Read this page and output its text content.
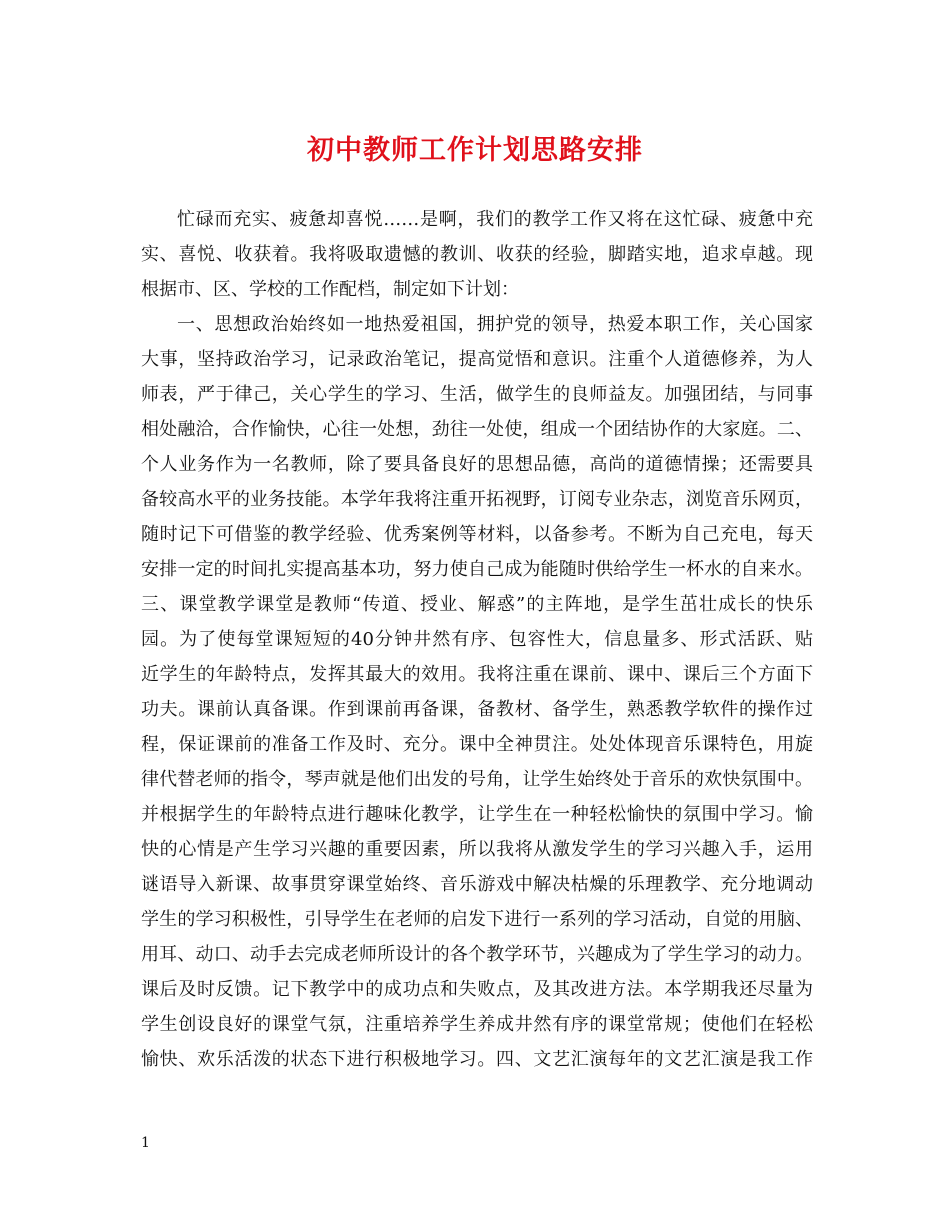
初中教师工作计划思路安排
忙碌而充实、疲惫却喜悦……是啊，我们的教学工作又将在这忙碌、疲惫中充
实、喜悦、收获着。我将吸取遗憾的教训、收获的经验，脚踏实地，追求卓越。现
根据市、区、学校的工作配档，制定如下计划：
一、思想政治始终如一地热爱祖国，拥护党的领导，热爱本职工作，关心国家
大事，坚持政治学习，记录政治笔记，提高觉悟和意识。注重个人道德修养，为人
师表，严于律己，关心学生的学习、生活，做学生的良师益友。加强团结，与同事
相处融洽，合作愉快，心往一处想，劲往一处使，组成一个团结协作的大家庭。二、
个人业务作为一名教师，除了要具备良好的思想品德，高尚的道德情操；还需要具
备较高水平的业务技能。本学年我将注重开拓视野，订阅专业杂志，浏览音乐网页，
随时记下可借鉴的教学经验、优秀案例等材料，以备参考。不断为自己充电，每天
安排一定的时间扎实提高基本功，努力使自己成为能随时供给学生一杯水的自来水。
三、课堂教学课堂是教师“传道、授业、解惑”的主阵地，是学生茁壮成长的快乐
园。为了使每堂课短短的40分钟井然有序、包容性大，信息量多、形式活跃、贴
近学生的年龄特点，发挥其最大的效用。我将注重在课前、课中、课后三个方面下
功夫。课前认真备课。作到课前再备课，备教材、备学生，熟悉教学软件的操作过
程，保证课前的准备工作及时、充分。课中全神贯注。处处体现音乐课特色，用旋
律代替老师的指令，琴声就是他们出发的号角，让学生始终处于音乐的欢快氛围中。
并根据学生的年龄特点进行趣味化教学，让学生在一种轻松愉快的氛围中学习。愉
快的心情是产生学习兴趣的重要因素，所以我将从激发学生的学习兴趣入手，运用
谜语导入新课、故事贯穿课堂始终、音乐游戏中解决枯燥的乐理教学、充分地调动
学生的学习积极性，引导学生在老师的启发下进行一系列的学习活动，自觉的用脑、
用耳、动口、动手去完成老师所设计的各个教学环节，兴趣成为了学生学习的动力。
课后及时反馈。记下教学中的成功点和失败点，及其改进方法。本学期我还尽量为
学生创设良好的课堂气氛，注重培养学生养成井然有序的课堂常规；使他们在轻松
愉快、欢乐活泼的状态下进行积极地学习。四、文艺汇演每年的文艺汇演是我工作
1
